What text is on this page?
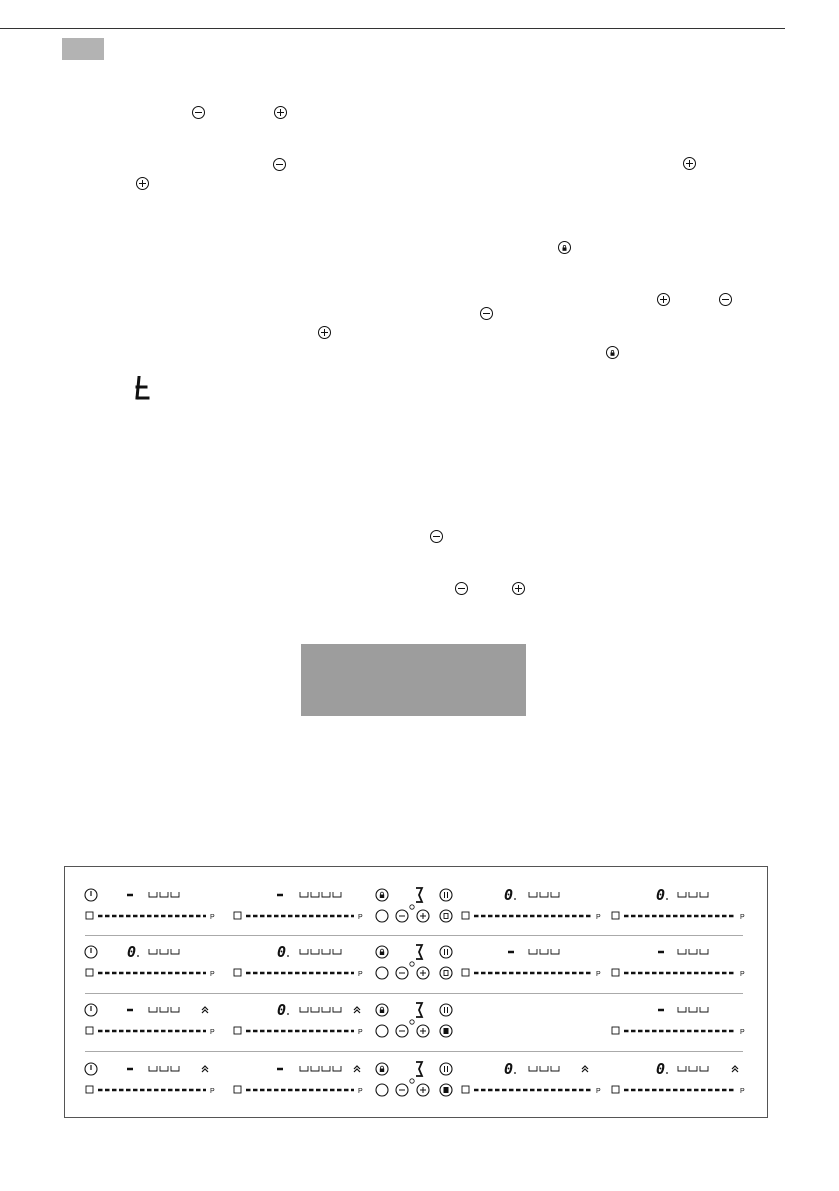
P	P
0
P
0
P
0
P
0
P	P	P
P
0
P	P
P	P
0
P
0
P
